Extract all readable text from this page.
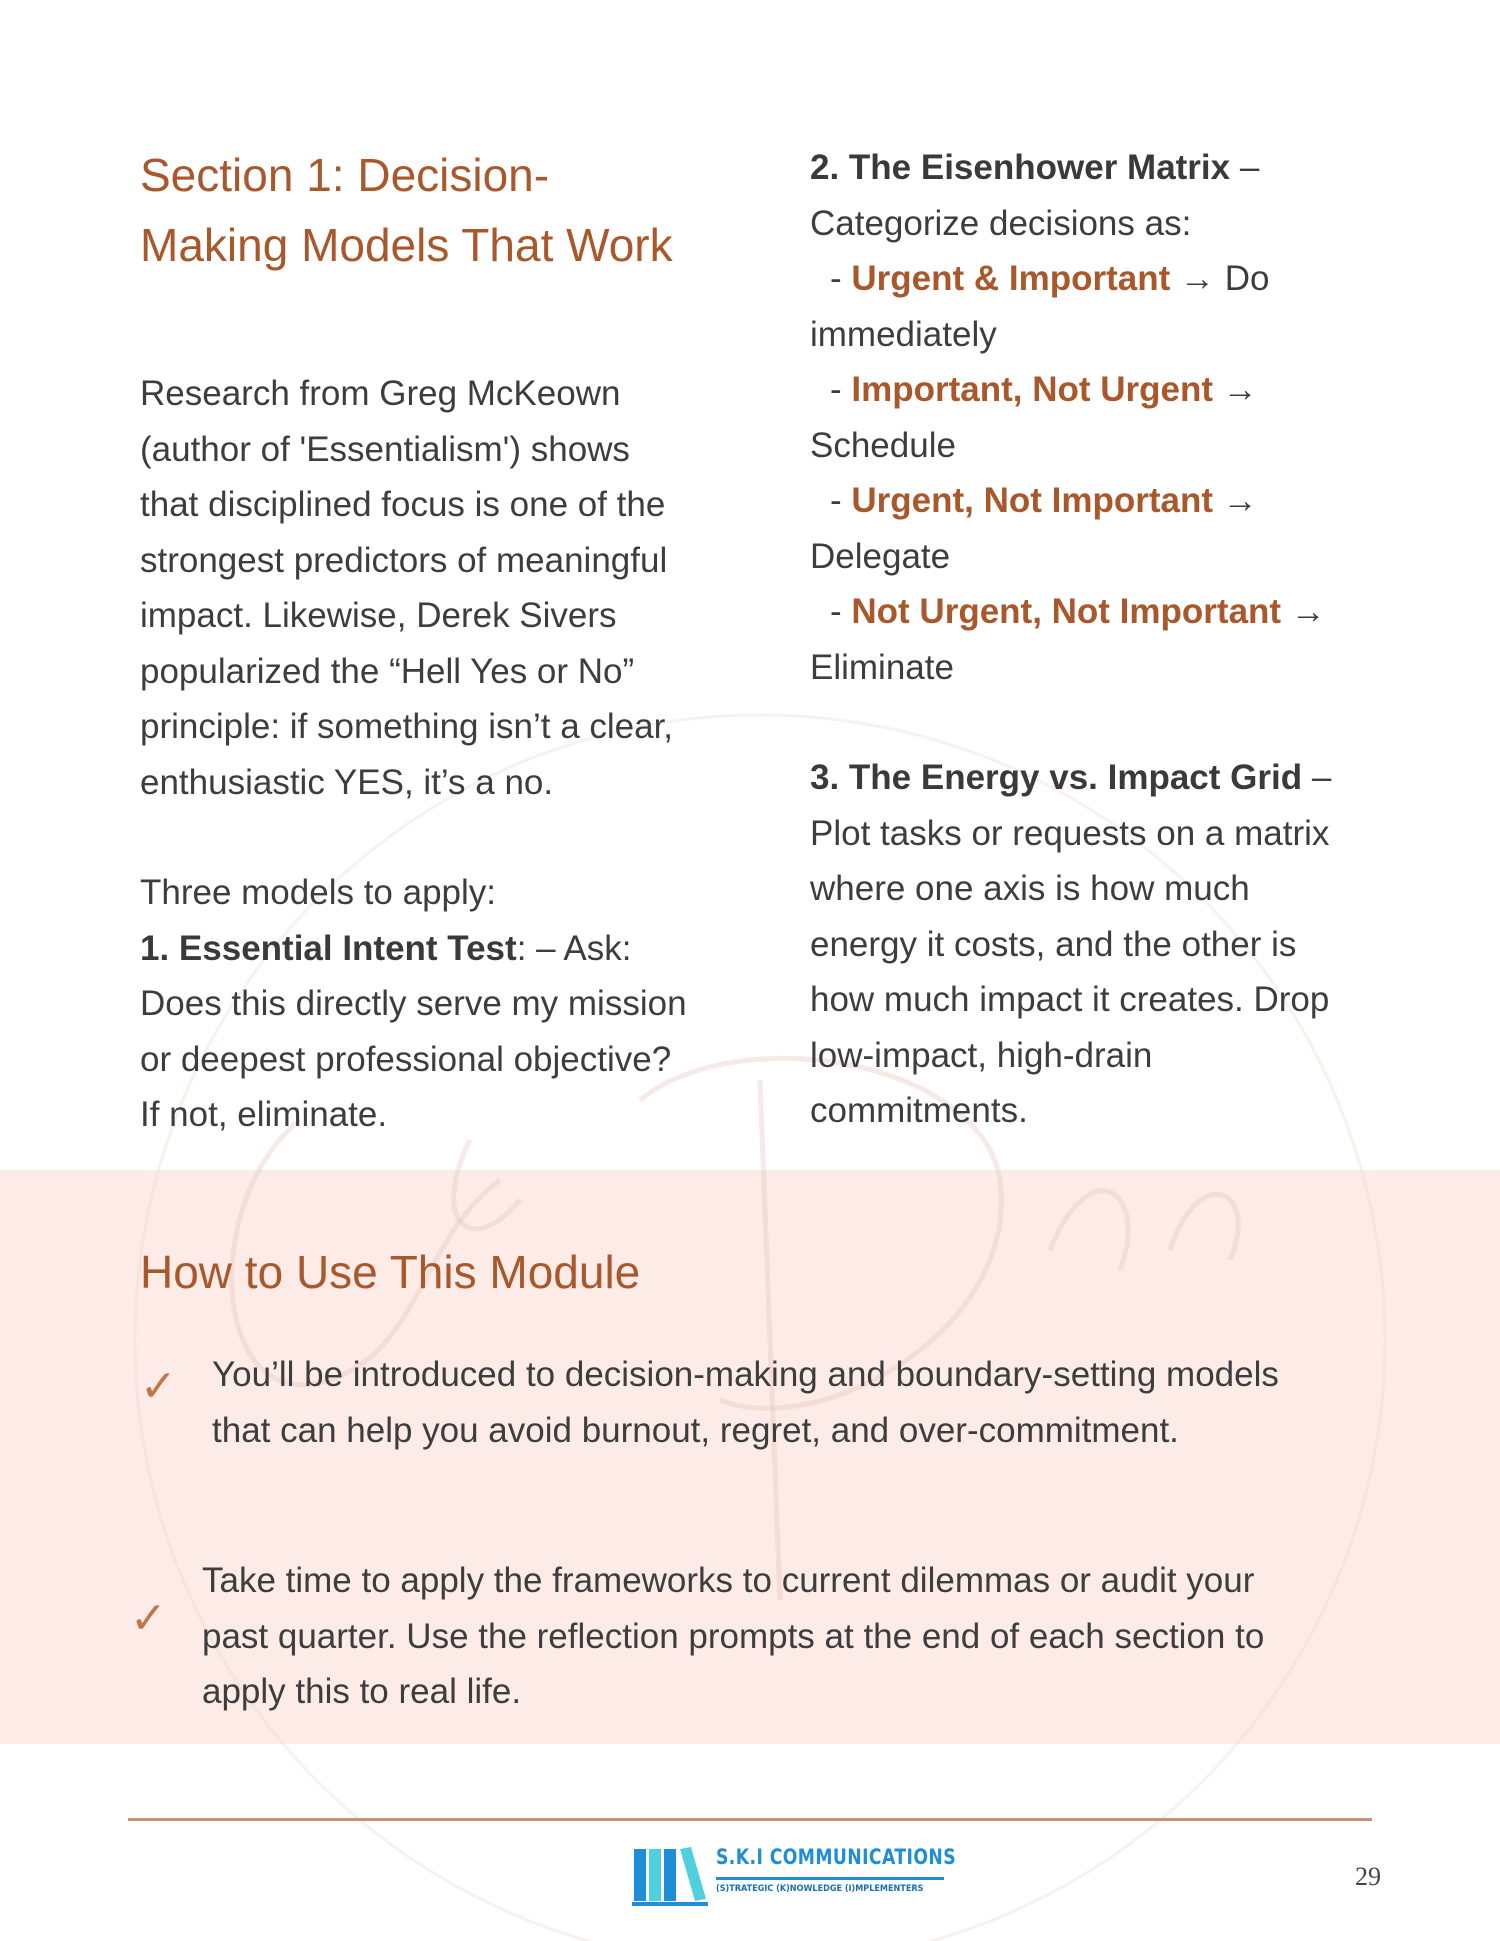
Section 1: Decision-
Making Models That Work
Research from Greg McKeown
(author of 'Essentialism') shows
that disciplined focus is one of the
strongest predictors of meaningful
impact. Likewise, Derek Sivers
popularized the “Hell Yes or No”
principle: if something isn’t a clear,
enthusiastic YES, it’s a no.
Three models to apply:
1. Essential Intent Test: – Ask:
Does this directly serve my mission
or deepest professional objective?
If not, eliminate.
2. The Eisenhower Matrix –
Categorize decisions as:
- Urgent & Important → Do
immediately
- Important, Not Urgent →
Schedule
- Urgent, Not Important →
Delegate
- Not Urgent, Not Important →
Eliminate
3. The Energy vs. Impact Grid –
Plot tasks or requests on a matrix
where one axis is how much
energy it costs, and the other is
how much impact it creates. Drop
low-impact, high-drain
commitments.
How to Use This Module
✓	You’ll be introduced to decision-making and boundary-setting models
that can help you avoid burnout, regret, and over-commitment.
✓
Take time to apply the frameworks to current dilemmas or audit your
past quarter. Use the reflection prompts at the end of each section to
apply this to real life.
S.K.I COMMUNICATIONS
(S)TRATEGIC (K)NOWLEDGE (I)MPLEMENTERS	29
